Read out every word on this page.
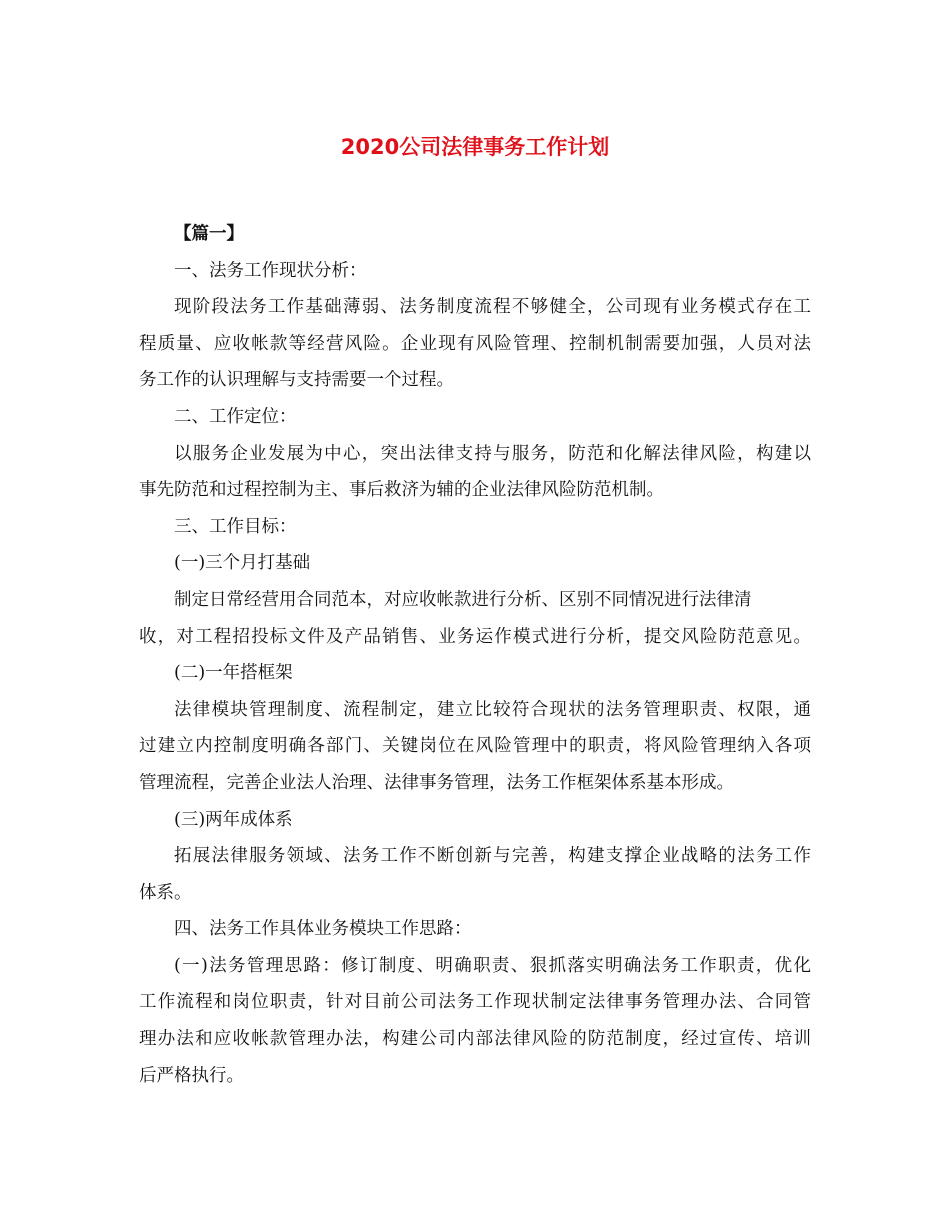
2020公司法律事务工作计划

【篇一】

一、法务工作现状分析：

现阶段法务工作基础薄弱、法务制度流程不够健全，公司现有业务模式存在工

程质量、应收帐款等经营风险。企业现有风险管理、控制机制需要加强，人员对法

务工作的认识理解与支持需要一个过程。

二、工作定位：

以服务企业发展为中心，突出法律支持与服务，防范和化解法律风险，构建以

事先防范和过程控制为主、事后救济为辅的企业法律风险防范机制。

三、工作目标：

(一)三个月打基础

制定日常经营用合同范本，对应收帐款进行分析、区别不同情况进行法律清

收，对工程招投标文件及产品销售、业务运作模式进行分析，提交风险防范意见。

(二)一年搭框架

法律模块管理制度、流程制定，建立比较符合现状的法务管理职责、权限，通

过建立内控制度明确各部门、关键岗位在风险管理中的职责，将风险管理纳入各项

管理流程，完善企业法人治理、法律事务管理，法务工作框架体系基本形成。

(三)两年成体系

拓展法律服务领域、法务工作不断创新与完善，构建支撑企业战略的法务工作

体系。

四、法务工作具体业务模块工作思路：

(一)法务管理思路：修订制度、明确职责、狠抓落实明确法务工作职责，优化

工作流程和岗位职责，针对目前公司法务工作现状制定法律事务管理办法、合同管

理办法和应收帐款管理办法，构建公司内部法律风险的防范制度，经过宣传、培训

后严格执行。
